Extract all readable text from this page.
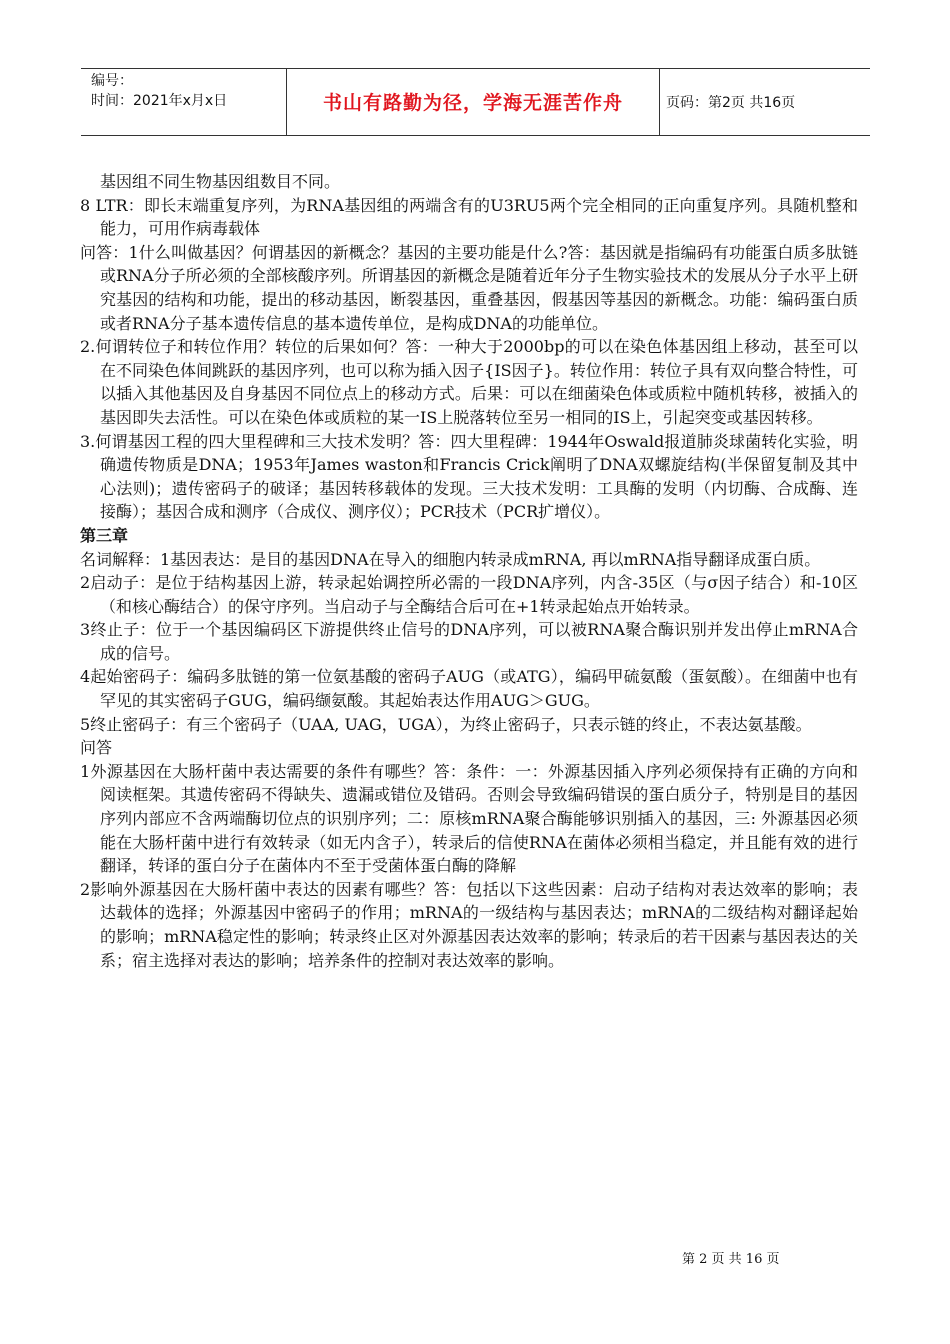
编号：
时间：2021年x月x日	书山有路勤为径，学海无涯苦作舟	页码：第2页 共16页

基因组不同生物基因组数目不同。

8 LTR：即长末端重复序列，为RNA基因组的两端含有的U3RU5两个完全相同的正向重复序列。具随机整和能力，可用作病毒载体

问答：1什么叫做基因？何谓基因的新概念？基因的主要功能是什么?答：基因就是指编码有功能蛋白质多肽链或RNA分子所必须的全部核酸序列。所谓基因的新概念是随着近年分子生物实验技术的发展从分子水平上研究基因的结构和功能，提出的移动基因，断裂基因，重叠基因，假基因等基因的新概念。功能：编码蛋白质或者RNA分子基本遗传信息的基本遗传单位，是构成DNA的功能单位。

2.何谓转位子和转位作用？转位的后果如何？答：一种大于2000bp的可以在染色体基因组上移动，甚至可以在不同染色体间跳跃的基因序列，也可以称为插入因子{IS因子}。转位作用：转位子具有双向整合特性，可以插入其他基因及自身基因不同位点上的移动方式。后果：可以在细菌染色体或质粒中随机转移，被插入的基因即失去活性。可以在染色体或质粒的某一IS上脱落转位至另一相同的IS上，引起突变或基因转移。

3.何谓基因工程的四大里程碑和三大技术发明？答：四大里程碑：1944年Oswald报道肺炎球菌转化实验，明确遗传物质是DNA；1953年James waston和Francis Crick阐明了DNA双螺旋结构(半保留复制及其中心法则)；遗传密码子的破译；基因转移载体的发现。三大技术发明：工具酶的发明（内切酶、合成酶、连接酶）；基因合成和测序（合成仪、测序仪）；PCR技术（PCR扩增仪）。

第三章

名词解释：1基因表达：是目的基因DNA在导入的细胞内转录成mRNA, 再以mRNA指导翻译成蛋白质。

2启动子：是位于结构基因上游，转录起始调控所必需的一段DNA序列，内含-35区（与σ因子结合）和-10区（和核心酶结合）的保守序列。当启动子与全酶结合后可在+1转录起始点开始转录。

3终止子：位于一个基因编码区下游提供终止信号的DNA序列，可以被RNA聚合酶识别并发出停止mRNA合成的信号。

4起始密码子：编码多肽链的第一位氨基酸的密码子AUG（或ATG），编码甲硫氨酸（蛋氨酸）。在细菌中也有罕见的其实密码子GUG，编码缬氨酸。其起始表达作用AUG＞GUG。

5终止密码子：有三个密码子（UAA, UAG，UGA），为终止密码子，只表示链的终止，不表达氨基酸。

问答

1外源基因在大肠杆菌中表达需要的条件有哪些？答：条件：一：外源基因插入序列必须保持有正确的方向和阅读框架。其遗传密码不得缺失、遗漏或错位及错码。否则会导致编码错误的蛋白质分子，特别是目的基因序列内部应不含两端酶切位点的识别序列；二：原核mRNA聚合酶能够识别插入的基因，三: 外源基因必须能在大肠杆菌中进行有效转录（如无内含子），转录后的信使RNA在菌体必须相当稳定，并且能有效的进行翻译，转译的蛋白分子在菌体内不至于受菌体蛋白酶的降解

2影响外源基因在大肠杆菌中表达的因素有哪些？答：包括以下这些因素：启动子结构对表达效率的影响；表达载体的选择；外源基因中密码子的作用；mRNA的一级结构与基因表达；mRNA的二级结构对翻译起始的影响；mRNA稳定性的影响；转录终止区对外源基因表达效率的影响；转录后的若干因素与基因表达的关系；宿主选择对表达的影响；培养条件的控制对表达效率的影响。

第 2 页 共 16 页
